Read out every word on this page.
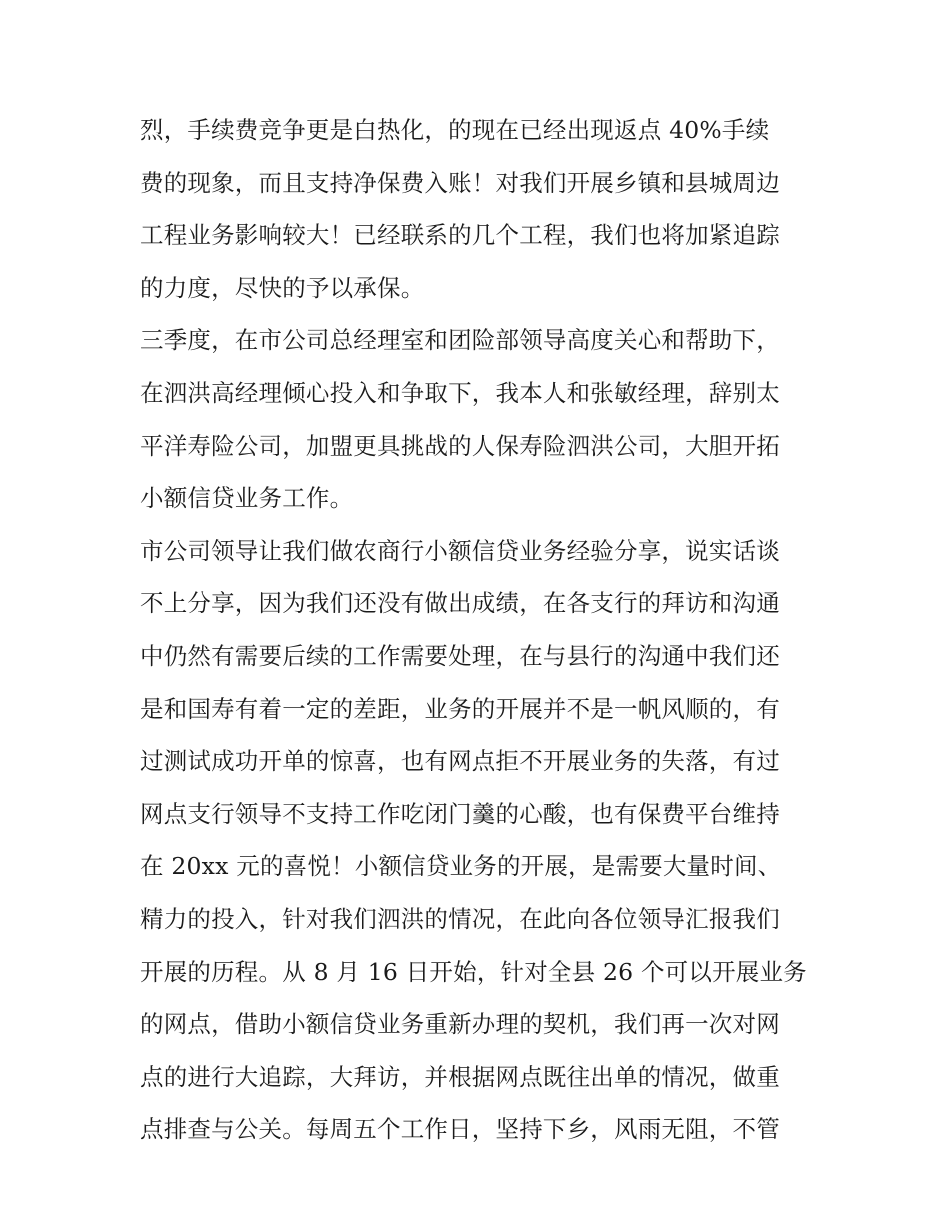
烈，手续费竞争更是白热化，的现在已经出现返点 40%手续
费的现象，而且支持净保费入账！对我们开展乡镇和县城周边
工程业务影响较大！已经联系的几个工程，我们也将加紧追踪
的力度，尽快的予以承保。
三季度，在市公司总经理室和团险部领导高度关心和帮助下，
在泗洪高经理倾心投入和争取下，我本人和张敏经理，辞别太
平洋寿险公司，加盟更具挑战的人保寿险泗洪公司，大胆开拓
小额信贷业务工作。
市公司领导让我们做农商行小额信贷业务经验分享，说实话谈
不上分享，因为我们还没有做出成绩，在各支行的拜访和沟通
中仍然有需要后续的工作需要处理，在与县行的沟通中我们还
是和国寿有着一定的差距，业务的开展并不是一帆风顺的，有
过测试成功开单的惊喜，也有网点拒不开展业务的失落，有过
网点支行领导不支持工作吃闭门羹的心酸，也有保费平台维持
在 20xx 元的喜悦！小额信贷业务的开展，是需要大量时间、
精力的投入，针对我们泗洪的情况，在此向各位领导汇报我们
开展的历程。从 8 月 16 日开始，针对全县 26 个可以开展业务
的网点，借助小额信贷业务重新办理的契机，我们再一次对网
点的进行大追踪，大拜访，并根据网点既往出单的情况，做重
点排查与公关。每周五个工作日，坚持下乡，风雨无阻，不管
